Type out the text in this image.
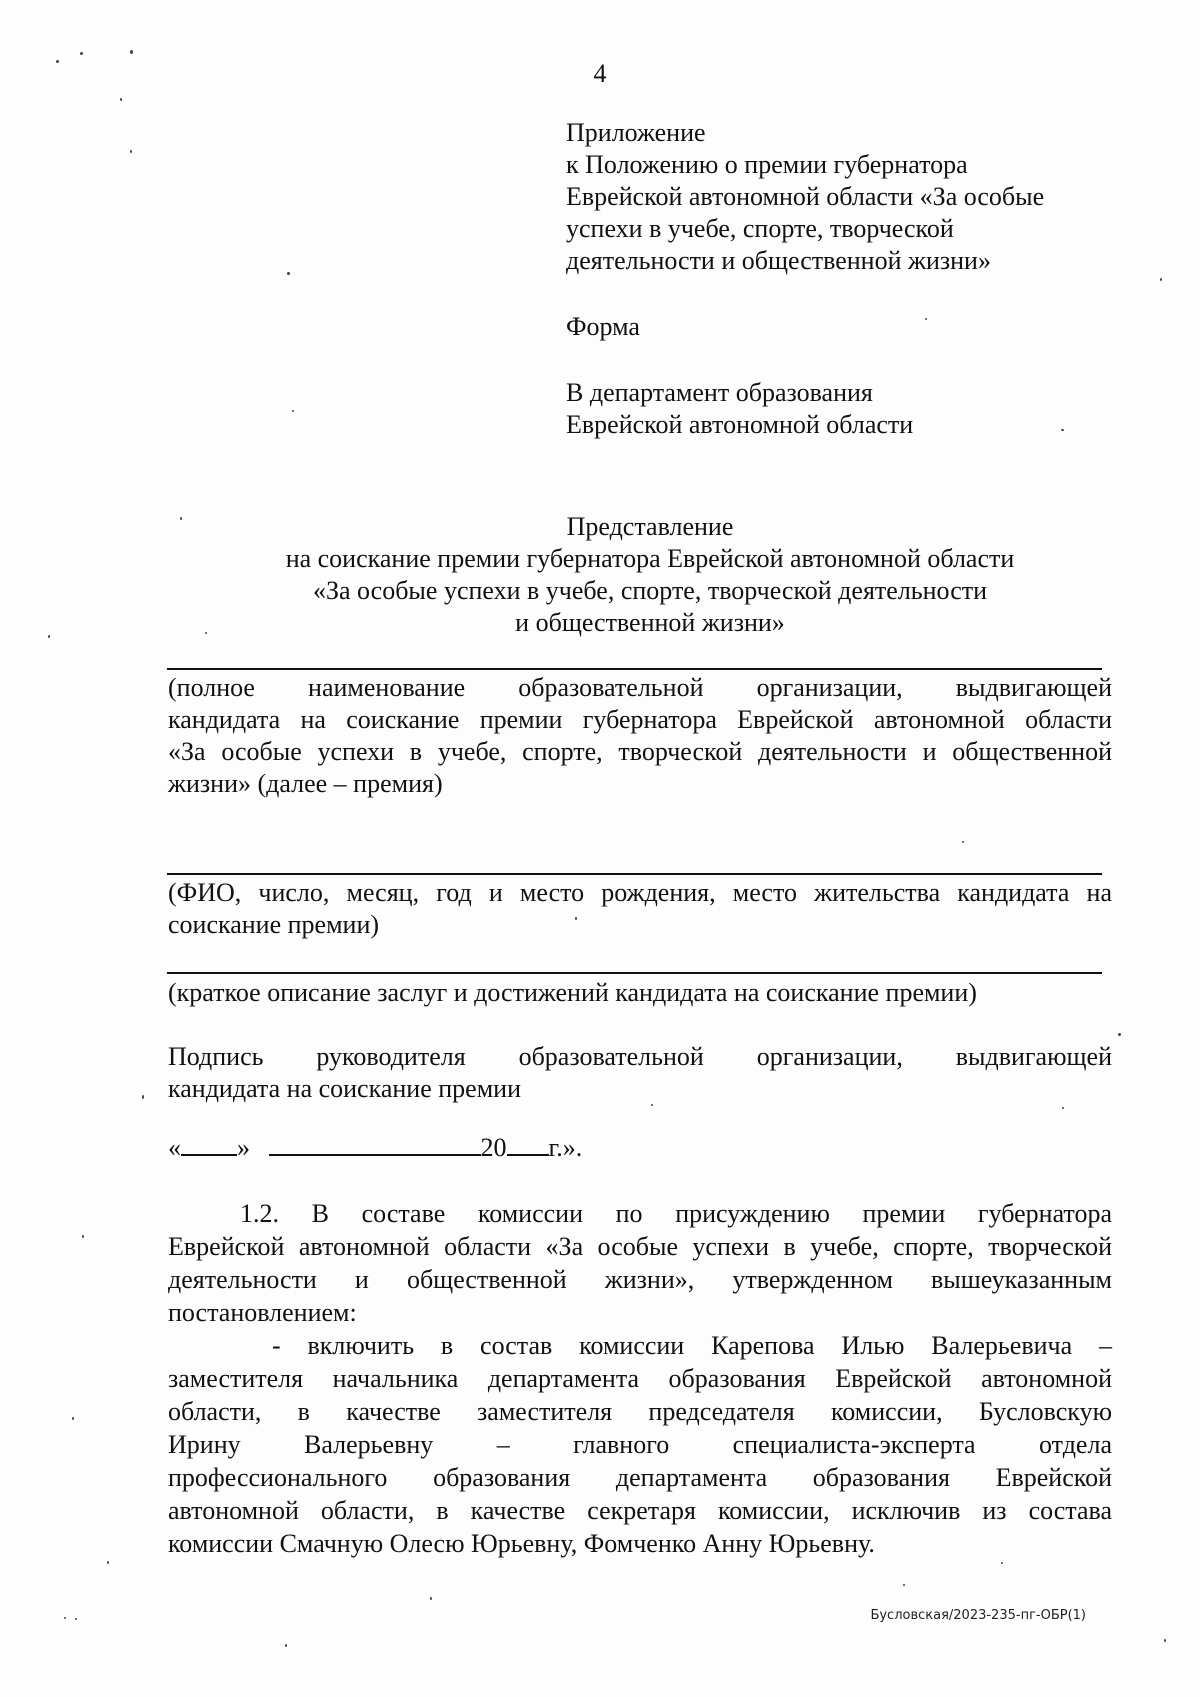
4
Приложение
к Положению о премии губернатора
Еврейской автономной области «За особые
успехи в учебе, спорте, творческой
деятельности и общественной жизни»
Форма
В департамент образования
Еврейской автономной области
Представление
на соискание премии губернатора Еврейской автономной области
«За особые успехи в учебе, спорте, творческой деятельности
и общественной жизни»
(полное наименование образовательной организации, выдвигающей
кандидата на соискание премии губернатора Еврейской автономной области
«За особые успехи в учебе, спорте, творческой деятельности и общественной
жизни» (далее – премия)
(ФИО, число, месяц, год и место рождения, место жительства кандидата на
соискание премии)
(краткое описание заслуг и достижений кандидата на соискание премии)
Подпись руководителя образовательной организации, выдвигающей
кандидата на соискание премии
« »	20 г.».
1.2. В составе комиссии по присуждению премии губернатора
Еврейской автономной области «За особые успехи в учебе, спорте, творческой
деятельности и общественной жизни», утвержденном вышеуказанным
постановлением:
- включить в состав комиссии Карепова Илью Валерьевича –
заместителя начальника департамента образования Еврейской автономной
области, в качестве заместителя председателя комиссии, Бусловскую
Ирину Валерьевну – главного специалиста-эксперта отдела
профессионального образования департамента образования Еврейской
автономной области, в качестве секретаря комиссии, исключив из состава
комиссии Смачную Олесю Юрьевну, Фомченко Анну Юрьевну.
Бусловская/2023-235-пг-ОБР(1)
